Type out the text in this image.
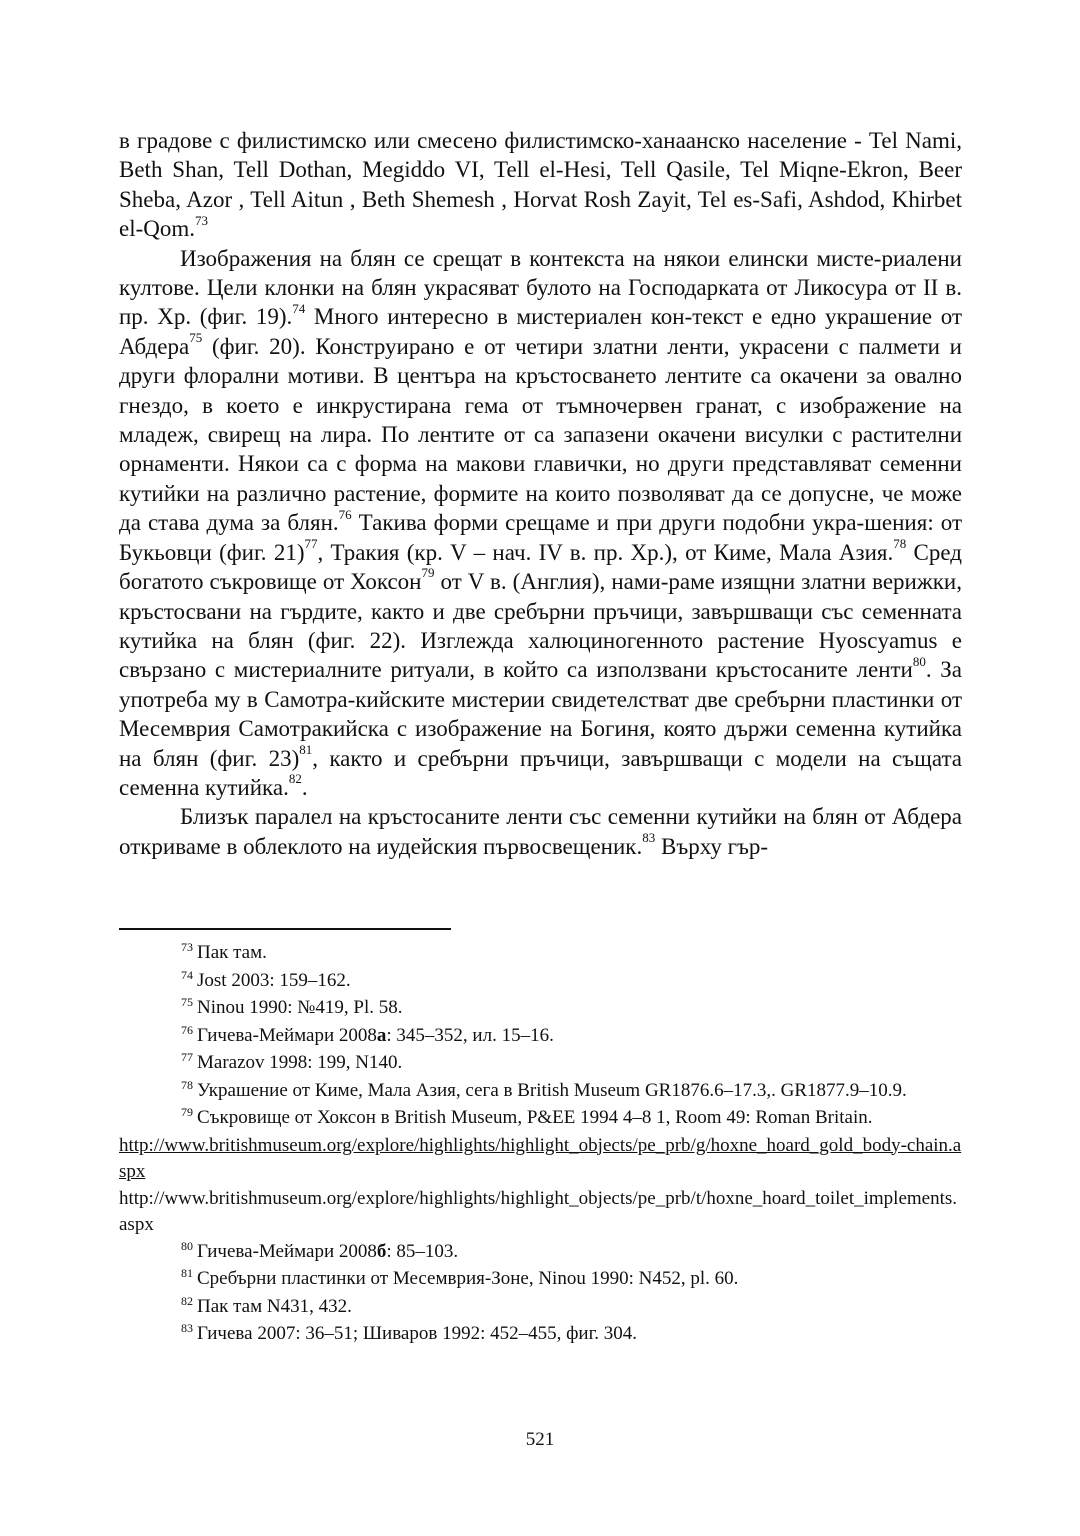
в градове с филистимско или смесено филистимско-ханаанско население - Tel Nami, Beth Shan, Tell Dothan, Megiddo VI, Tell el-Hesi, Tell Qasile, Tel Miqne-Ekron, Beer Sheba, Azor , Tell Aitun , Beth Shemesh , Horvat Rosh Zayit, Tel es-Safi, Ashdod, Khirbet el-Qom.$^{73}$

Изображения на блян се срещат в контекста на някои елински мисте-риалени култове. Цели клонки на блян украсяват булото на Господарката от Ликосура от II в. пр. Хр. (фиг. 19).$^{74}$ Много интересно в мистериален кон-текст е едно украшение от Абдера$^{75}$ (фиг. 20). Конструирано е от четири златни ленти, украсени с палмети и други флорални мотиви. В центъра на кръстосването лентите са окачени за овално гнездо, в което е инкрустирана гема от тъмночервен гранат, с изображение на младеж, свирещ на лира. По лентите от са запазени окачени висулки с растителни орнаменти. Някои са с форма на макови главички, но други представляват семенни кутийки на различно растение, формите на които позволяват да се допусне, че може да става дума за блян.$^{76}$ Такива форми срещаме и при други подобни укра-шения: от Букьовци (фиг. 21)$^{77}$, Тракия (кр. V – нач. IV в. пр. Хр.), от Киме, Мала Азия.$^{78}$ Сред богатото съкровище от Хоксон$^{79}$ от V в. (Англия), нами-раме изящни златни верижки, кръстосвани на гърдите, както и две сребърни пръчици, завършващи със семенната кутийка на блян (фиг. 22). Изглежда халюциногенното растение Hyoscyamus е свързано с мистериалните ритуали, в който са използвани кръстосаните ленти$^{80}$. За употреба му в Самотра-кийските мистерии свидетелстват две сребърни пластинки от Месемврия Самотракийска с изображение на Богиня, която държи семенна кутийка на блян (фиг. 23)$^{81}$, както и сребърни пръчици, завършващи с модели на същата семенна кутийка.$^{82}$.

Близък паралел на кръстосаните ленти със семенни кутийки на блян от Абдера откриваме в облеклото на иудейския първосвещеник.$^{83}$ Върху гър-

$^{73}$ Пак там.

$^{74}$ Jost 2003: 159–162.

$^{75}$ Ninou 1990: №419, Pl. 58.

$^{76}$ Гичева-Меймари 2008а: 345–352, ил. 15–16.

$^{77}$ Marazov 1998: 199, N140.

$^{78}$ Украшение от Киме, Мала Азия, сега в British Museum GR1876.6–17.3,. GR1877.9–10.9.

$^{79}$ Съкровище от Хоксон в British Museum, P&EE 1994 4–8 1, Room 49: Roman Britain.

http://www.britishmuseum.org/explore/highlights/highlight_objects/pe_prb/g/hoxne_hoard_gold_body-chain.aspx

http://www.britishmuseum.org/explore/highlights/highlight_objects/pe_prb/t/hoxne_hoard_toilet_implements.aspx

$^{80}$ Гичева-Меймари 2008б: 85–103.

$^{81}$ Сребърни пластинки от Месемврия-Зоне, Ninou 1990: N452, pl. 60.

$^{82}$ Пак там N431, 432.

$^{83}$ Гичева 2007: 36–51; Шиваров 1992: 452–455, фиг. 304.

521
